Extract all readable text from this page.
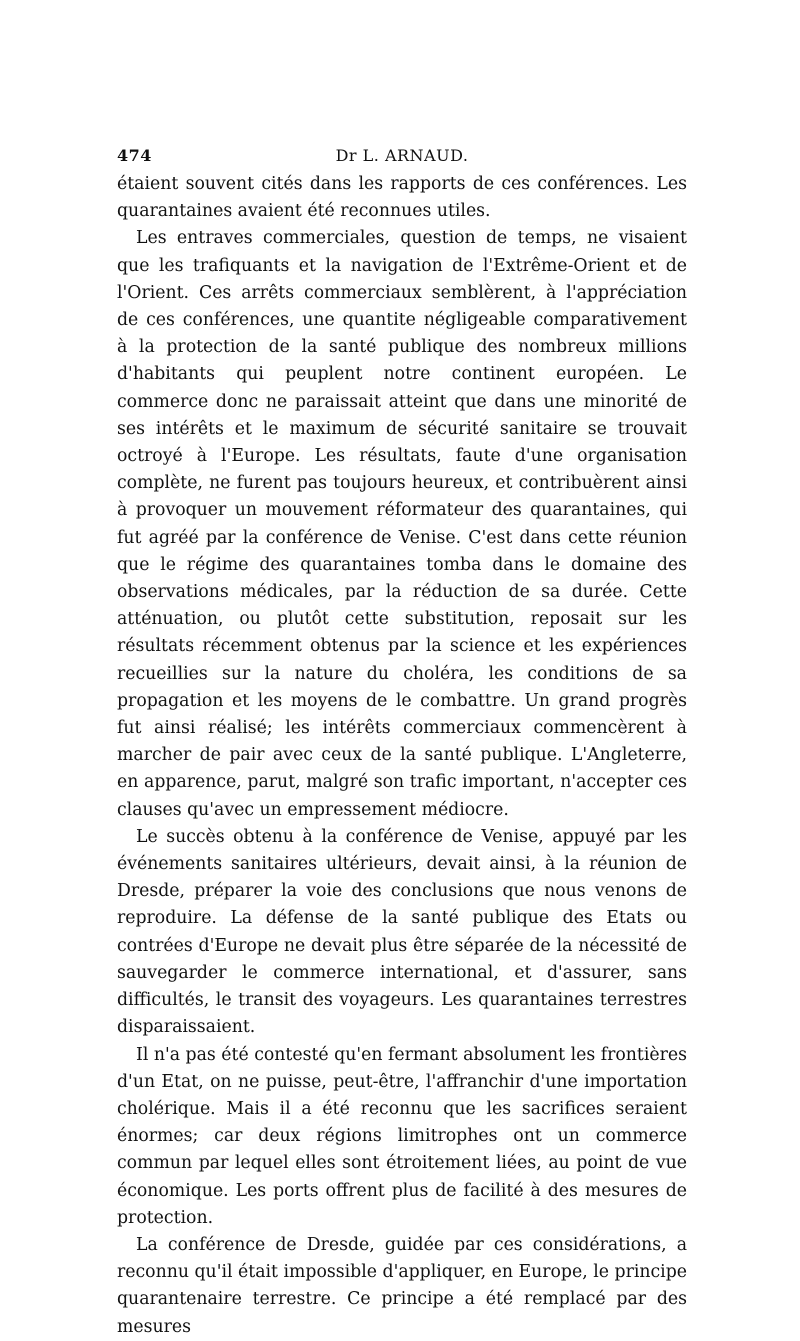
474	Dr L. ARNAUD.

étaient souvent cités dans les rapports de ces conférences. Les quarantaines avaient été reconnues utiles.

Les entraves commerciales, question de temps, ne visaient que les trafiquants et la navigation de l'Extrême-Orient et de l'Orient. Ces arrêts commerciaux semblèrent, à l'appréciation de ces conférences, une quantite négligeable comparativement à la protection de la santé publique des nombreux millions d'habitants qui peuplent notre continent européen. Le commerce donc ne paraissait atteint que dans une minorité de ses intérêts et le maximum de sécurité sanitaire se trouvait octroyé à l'Europe. Les résultats, faute d'une organisation complète, ne furent pas toujours heureux, et contribuèrent ainsi à provoquer un mouvement réformateur des quarantaines, qui fut agréé par la conférence de Venise. C'est dans cette réunion que le régime des quarantaines tomba dans le domaine des observations médicales, par la réduction de sa durée. Cette atténuation, ou plutôt cette substitution, reposait sur les résultats récemment obtenus par la science et les expériences recueillies sur la nature du choléra, les conditions de sa propagation et les moyens de le combattre. Un grand progrès fut ainsi réalisé; les intérêts commerciaux commencèrent à marcher de pair avec ceux de la santé publique. L'Angleterre, en apparence, parut, malgré son trafic important, n'accepter ces clauses qu'avec un empressement médiocre.

Le succès obtenu à la conférence de Venise, appuyé par les événements sanitaires ultérieurs, devait ainsi, à la réunion de Dresde, préparer la voie des conclusions que nous venons de reproduire. La défense de la santé publique des Etats ou contrées d'Europe ne devait plus être séparée de la nécessité de sauvegarder le commerce international, et d'assurer, sans difficultés, le transit des voyageurs. Les quarantaines terrestres disparaissaient.

Il n'a pas été contesté qu'en fermant absolument les frontières d'un Etat, on ne puisse, peut-être, l'affranchir d'une importation cholérique. Mais il a été reconnu que les sacrifices seraient énormes; car deux régions limitrophes ont un commerce commun par lequel elles sont étroitement liées, au point de vue économique. Les ports offrent plus de facilité à des mesures de protection.

La conférence de Dresde, guidée par ces considérations, a reconnu qu'il était impossible d'appliquer, en Europe, le principe quarantenaire terrestre. Ce principe a été remplacé par des mesures
